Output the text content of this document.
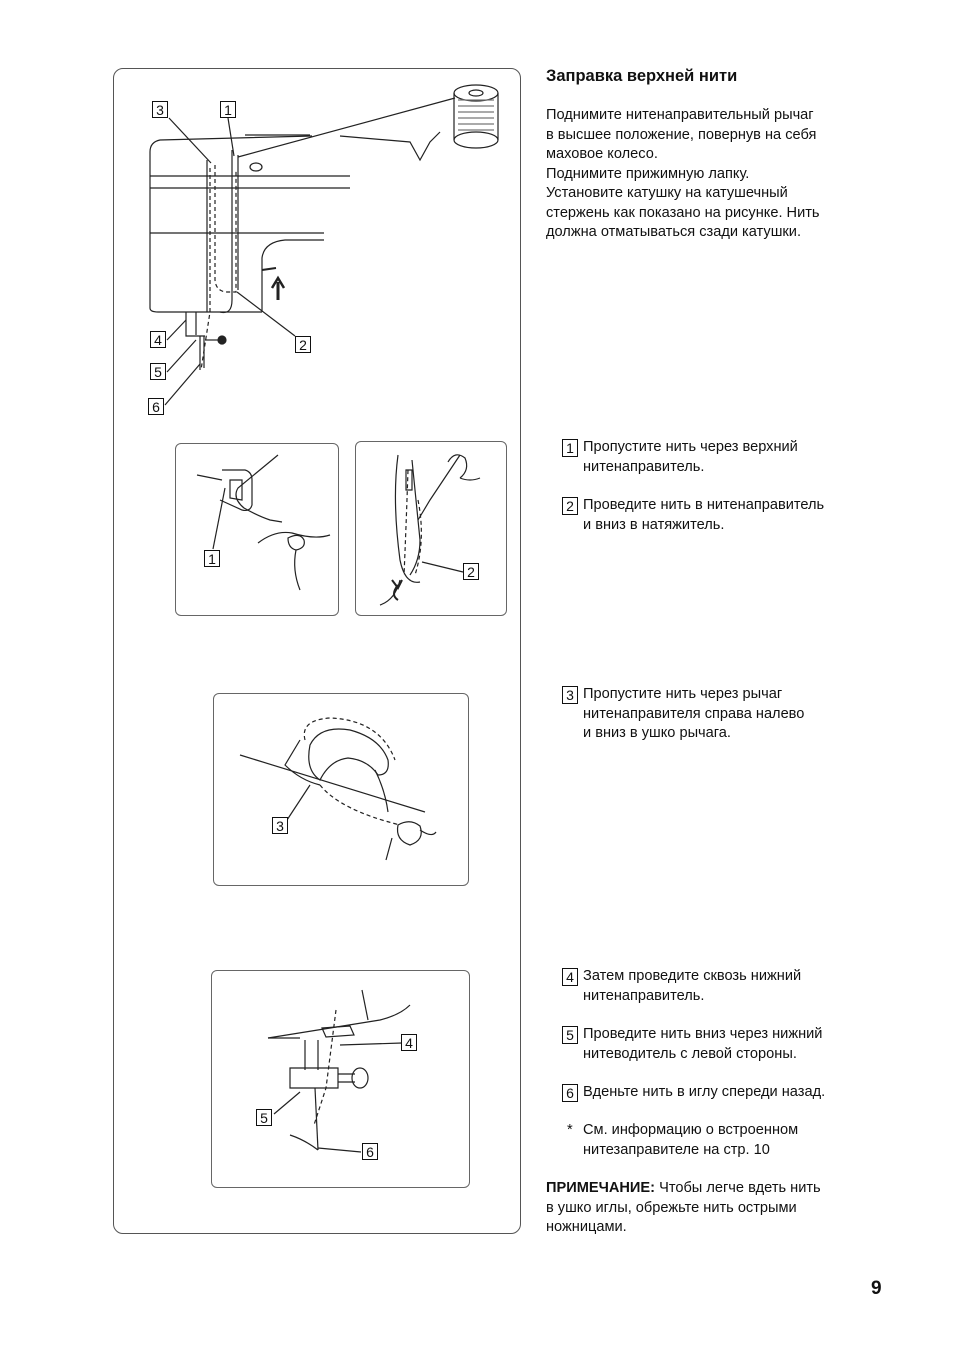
3	1
2
4
5
6
1
2
3
4
5
6
Заправка верхней нити

Поднимите нитенаправительный рычаг

в высшее положение, повернув на себя

маховое колесо.

Поднимите прижимную лапку.

Установите катушку на катушечный

стержень как показано на рисунке. Нить

должна отматываться сзади катушки.

1 Пропустите нить через верхний
нитенаправитель.
2 Проведите нить в нитенаправитель
и вниз в натяжитель.
3 Пропустите нить через рычаг
нитенаправителя справа налево
и вниз в ушко рычага.
4 Затем проведите сквозь нижний
нитенаправитель.
5 Проведите нить вниз через нижний
нитеводитель с левой стороны.
6 Вденьте нить в иглу спереди назад.
* См. информацию о встроенном
нитезаправителе на стр. 10
ПРИМЕЧАНИЕ: Чтобы легче вдеть нить
в ушко иглы, обрежьте нить острыми
ножницами.
9
